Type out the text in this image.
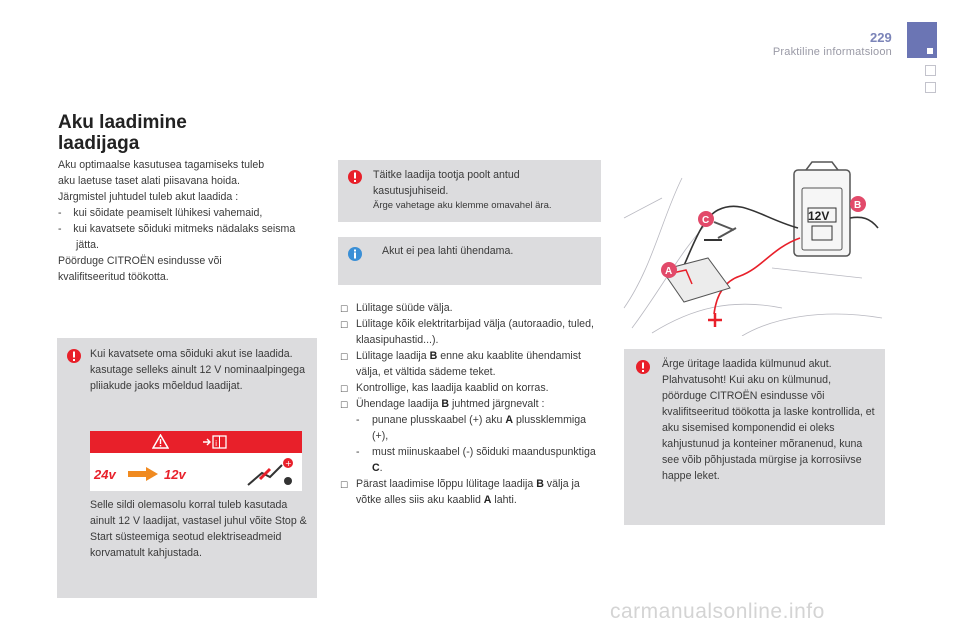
229
Praktiline informatsioon
Aku laadimine
laadijaga
Aku optimaalse kasutusea tagamiseks tuleb
aku laetuse taset alati piisavana hoida.
Järgmistel juhtudel tuleb akut laadida :
-    kui sõidate peamiselt lühikesi vahemaid,
-    kui kavatsete sõiduki mitmeks nädalaks seisma jätta.
Pöörduge CITROËN esindusse või
kvalifitseeritud töökotta.
Kui kavatsete oma sõiduki akut ise laadida. kasutage selleks ainult 12 V nominaalpingega pliiakude jaoks mõeldud laadijat.
i
24v	12v
+
Selle sildi olemasolu korral tuleb kasutada ainult 12 V laadijat, vastasel juhul võite Stop & Start süsteemiga seotud elektriseadmeid korvamatult kahjustada.
Täitke laadija tootja poolt antud kasutusjuhiseid.
Ärge vahetage aku klemme omavahel ära.
Akut ei pea lahti ühendama.
☐ Lülitage süüde välja.
☐ Lülitage kõik elektritarbijad välja (autoraadio, tuled, klaasipuhastid...).
☐ Lülitage laadija B enne aku kaablite ühendamist välja, et vältida sädeme teket.
☐ Kontrollige, kas laadija kaablid on korras.
☐ Ühendage laadija B juhtmed järgnevalt :
- punane plusskaabel (+) aku A plussklemmiga (+),
- must miinuskaabel (-) sõiduki maanduspunktiga C.
☐ Pärast laadimise lõppu lülitage laadija B välja ja võtke alles siis aku kaablid A lahti.
12V
C
B
A
Ärge üritage laadida külmunud akut. Plahvatusoht! Kui aku on külmunud, pöörduge CITROËN esindusse või kvalifitseeritud töökotta ja laske kontrollida, et aku sisemised komponendid ei oleks kahjustunud ja konteiner mõranenud, kuna see võib põhjustada mürgise ja korrosiivse happe leket.
carmanualsonline.info
